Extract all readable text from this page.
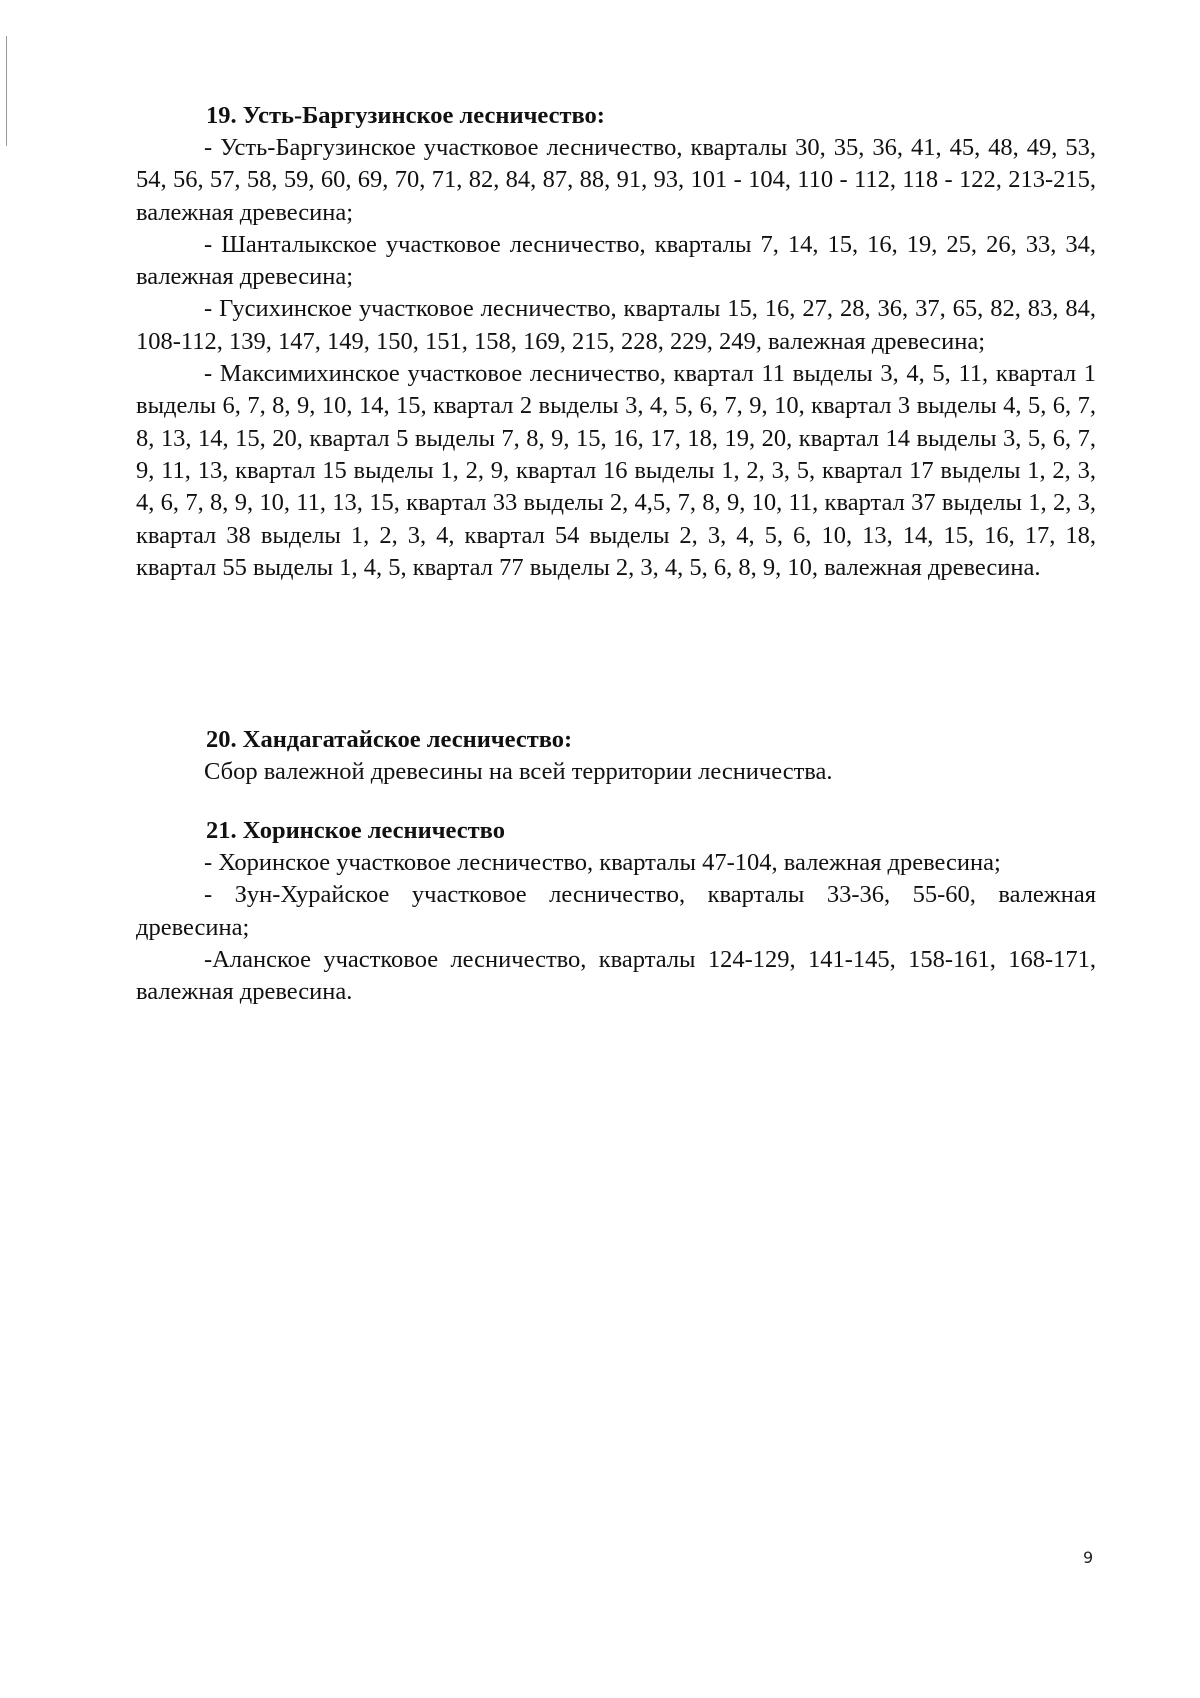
19. Усть-Баргузинское лесничество:

- Усть-Баргузинское участковое лесничество, кварталы 30, 35, 36, 41, 45, 48, 49, 53, 54, 56, 57, 58, 59, 60, 69, 70, 71, 82, 84, 87, 88, 91, 93, 101 - 104, 110 - 112, 118 - 122, 213-215, валежная древесина;

- Шанталыкское участковое лесничество, кварталы 7, 14, 15, 16, 19, 25, 26, 33, 34, валежная древесина;

- Гусихинское участковое лесничество, кварталы 15, 16, 27, 28, 36, 37, 65, 82, 83, 84, 108-112, 139, 147, 149, 150, 151, 158, 169, 215, 228, 229, 249, валежная древесина;

- Максимихинское участковое лесничество, квартал 11 выделы 3, 4, 5, 11, квартал 1 выделы 6, 7, 8, 9, 10, 14, 15, квартал 2 выделы 3, 4, 5, 6, 7, 9, 10, квартал 3 выделы 4, 5, 6, 7, 8, 13, 14, 15, 20, квартал 5 выделы 7, 8, 9, 15, 16, 17, 18, 19, 20, квартал 14 выделы 3, 5, 6, 7, 9, 11, 13, квартал 15 выделы 1, 2, 9, квартал 16 выделы 1, 2, 3, 5, квартал 17 выделы 1, 2, 3, 4, 6, 7, 8, 9, 10, 11, 13, 15, квартал 33 выделы 2, 4,5, 7, 8, 9, 10, 11, квартал 37 выделы 1, 2, 3, квартал 38 выделы 1, 2, 3, 4, квартал 54 выделы 2, 3, 4, 5, 6, 10, 13, 14, 15, 16, 17, 18, квартал 55 выделы 1, 4, 5, квартал 77 выделы 2, 3, 4, 5, 6, 8, 9, 10, валежная древесина.

20. Хандагатайское лесничество:

Сбор валежной древесины на всей территории лесничества.

21. Хоринское лесничество

- Хоринское участковое лесничество, кварталы 47-104, валежная древесина;

- Зун-Хурайское участковое лесничество, кварталы 33-36, 55-60, валежная древесина;

-Аланское участковое лесничество, кварталы 124-129, 141-145, 158-161, 168-171, валежная древесина.

9
